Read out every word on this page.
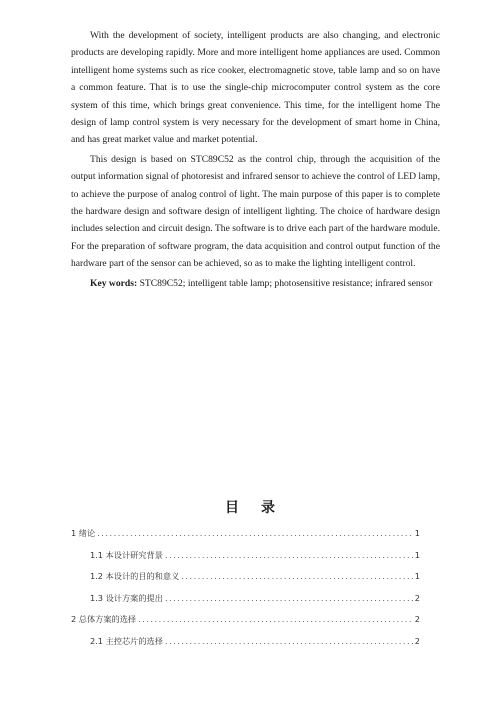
With the development of society, intelligent products are also changing, and electronic products are developing rapidly. More and more intelligent home appliances are used. Common intelligent home systems such as rice cooker, electromagnetic stove, table lamp and so on have a common feature. That is to use the single-chip microcomputer control system as the core system of this time, which brings great convenience. This time, for the intelligent home The design of lamp control system is very necessary for the development of smart home in China, and has great market value and market potential.

This design is based on STC89C52 as the control chip, through the acquisition of the output information signal of photoresist and infrared sensor to achieve the control of LED lamp, to achieve the purpose of analog control of light. The main purpose of this paper is to complete the hardware design and software design of intelligent lighting. The choice of hardware design includes selection and circuit design. The software is to drive each part of the hardware module. For the preparation of software program, the data acquisition and control output function of the hardware part of the sensor can be achieved, so as to make the lighting intelligent control.

Key words: STC89C52; intelligent table lamp; photosensitive resistance; infrared sensor

目录
1 绪论 .....	1
1.1 本设计研究背景 .....	1
1.2 本设计的目的和意义 .....	1
1.3 设计方案的提出 .....	2
2 总体方案的选择 .....	2
2.1 主控芯片的选择 .....	2
